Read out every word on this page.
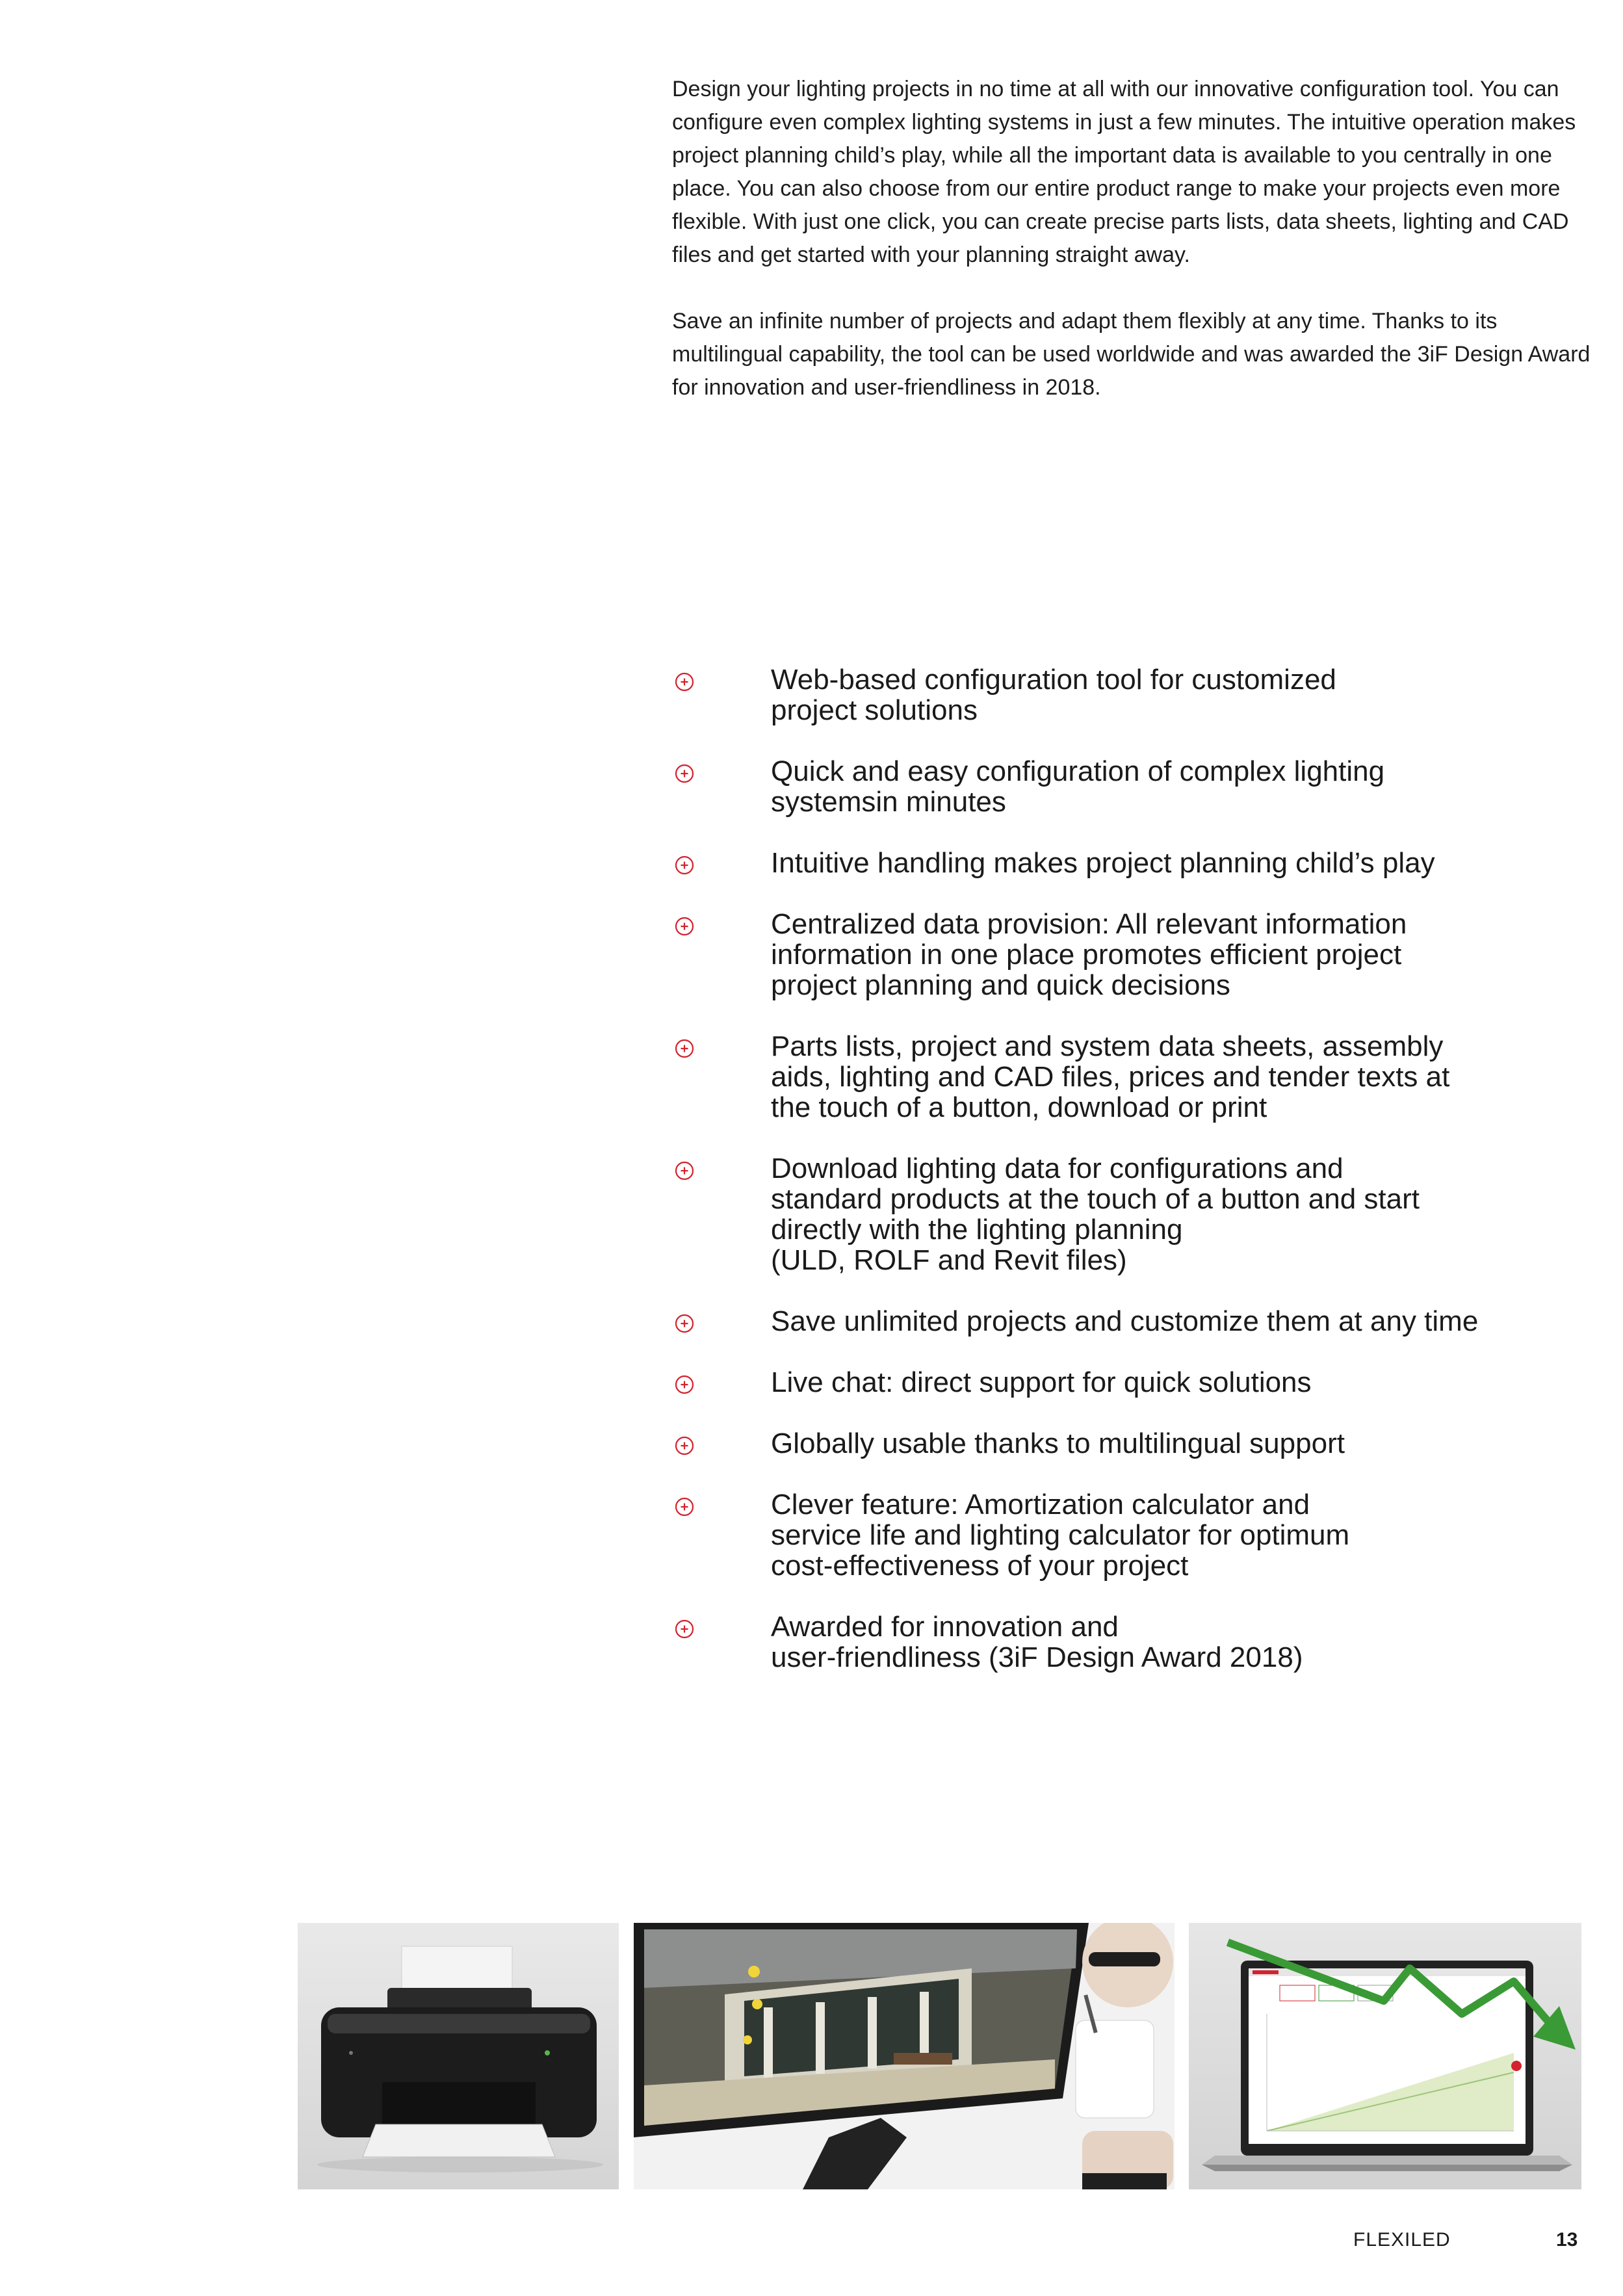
Design your lighting projects in no time at all with our innovative configuration tool. You can configure even complex lighting systems in just a few minutes. The intuitive operation makes project planning child’s play, while all the important data is available to you centrally in one place. You can also choose from our entire product range to make your projects even more flexible. With just one click, you can create precise parts lists, data sheets, lighting and CAD files and get started with your planning straight away.

Save an infinite number of projects and adapt them flexibly at any time. Thanks to its multilingual capability, the tool can be used worldwide and was awarded the 3iF Design Award for innovation and user-friendliness in 2018.

Web-based configuration tool for customized
project solutions
Quick and easy configuration of complex lighting
systemsin minutes
Intuitive handling makes project planning child’s play
Centralized data provision: All relevant information
information in one place promotes efficient project
project planning and quick decisions
Parts lists, project and system data sheets, assembly
aids, lighting and CAD files, prices and tender texts at
the touch of a button, download or print
Download lighting data for configurations and
standard products at the touch of a button and start
directly with the lighting planning
(ULD, ROLF and Revit files)
Save unlimited projects and customize them at any time
Live chat: direct support for quick solutions
Globally usable thanks to multilingual support
Clever feature: Amortization calculator and
service life and lighting calculator for optimum
cost-effectiveness of your project
Awarded for innovation and
user-friendliness (3iF Design Award 2018)
FLEXILED	13
